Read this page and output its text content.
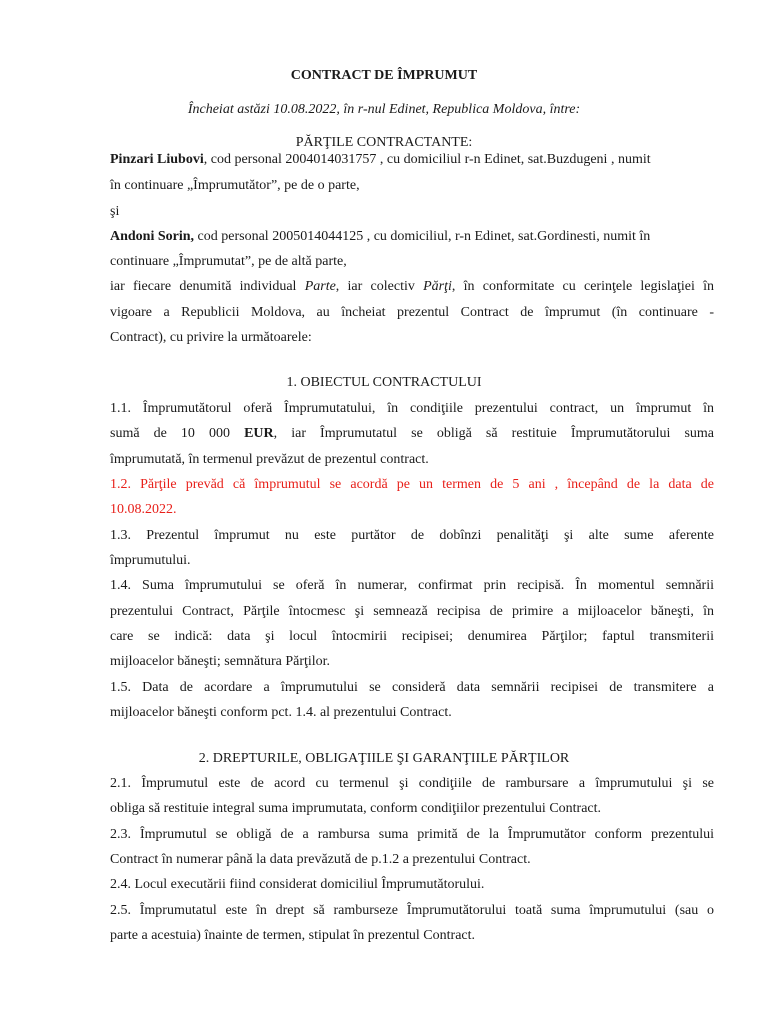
CONTRACT DE ÎMPRUMUT
Încheiat astăzi 10.08.2022, în r-nul Edinet, Republica Moldova, între:
PĂRŢILE CONTRACTANTE:
Pinzari Liubovi, cod personal 2004014031757 , cu domiciliul r-n Edinet, sat.Buzdugeni , numit
în continuare „Împrumutător”, pe de o parte,
şi
Andoni Sorin, cod personal 2005014044125 , cu domiciliul, r-n Edinet, sat.Gordinesti, numit în
continuare „Împrumutat”, pe de altă parte,
iar fiecare denumită individual Parte, iar colectiv Părţi, în conformitate cu cerinţele legislaţiei în
vigoare a Republicii Moldova, au încheiat prezentul Contract de împrumut (în continuare -
Contract), cu privire la următoarele:
1. OBIECTUL CONTRACTULUI
1.1. Împrumutătorul oferă Împrumutatului, în condiţiile prezentului contract, un împrumut în
sumă de 10 000 EUR, iar Împrumutatul se obligă să restituie Împrumutătorului suma
împrumutată, în termenul prevăzut de prezentul contract.
1.2. Părţile prevăd că împrumutul se acordă pe un termen de 5 ani , începând de la data de
10.08.2022.
1.3. Prezentul împrumut nu este purtător de dobînzi penalităţi şi alte sume aferente
împrumutului.
1.4. Suma împrumutului se oferă în numerar, confirmat prin recipisă. În momentul semnării
prezentului Contract, Părţile întocmesc şi semnează recipisa de primire a mijloacelor băneşti, în
care se indică: data şi locul întocmirii recipisei; denumirea Părţilor; faptul transmiterii
mijloacelor băneşti; semnătura Părţilor.
1.5. Data de acordare a împrumutului se consideră data semnării recipisei de transmitere a
mijloacelor băneşti conform pct. 1.4. al prezentului Contract.
2. DREPTURILE, OBLIGAŢIILE ŞI GARANŢIILE PĂRŢILOR
2.1. Împrumutul este de acord cu termenul şi condiţiile de rambursare a împrumutului şi se
obliga să restituie integral suma imprumutata, conform condiţiilor prezentului Contract.
2.3. Împrumutul se obligă de a rambursa suma primită de la Împrumutător conform prezentului
Contract în numerar până la data prevăzută de p.1.2 a prezentului Contract.
2.4. Locul executării fiind considerat domiciliul Împrumutătorului.
2.5. Împrumutatul este în drept să ramburseze Împrumutătorului toată suma împrumutului (sau o
parte a acestuia) înainte de termen, stipulat în prezentul Contract.
